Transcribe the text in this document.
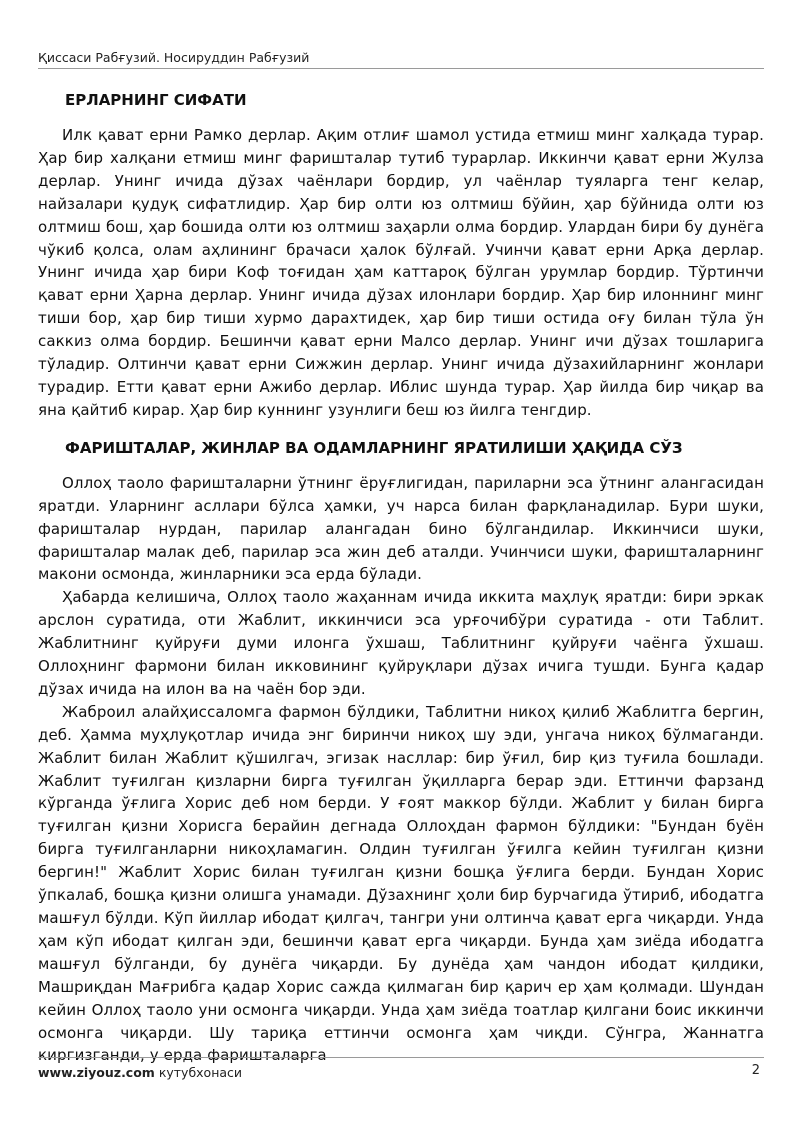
Қиссаси Рабғузий. Носируддин Рабғузий
ЕРЛАРНИНГ СИФАТИ

Илк қават ерни Рамко дерлар. Ақим отлиғ шамол устида етмиш минг халқада турар. Ҳар бир халқани етмиш минг фаришталар тутиб турарлар. Иккинчи қават ерни Жулза дерлар. Унинг ичида дўзах чаёнлари бордир, ул чаёнлар туяларга тенг келар, найзалари қудуқ сифатлидир. Ҳар бир олти юз олтмиш бўйин, ҳар бўйнида олти юз олтмиш бош, ҳар бошида олти юз олтмиш заҳарли олма бордир. Улардан бири бу дунёга чўкиб қолса, олам аҳлининг брачаси ҳалок бўлғай. Учинчи қават ерни Арқа дерлар. Унинг ичида ҳар бири Коф тоғидан ҳам каттароқ бўлган урумлар бордир. Тўртинчи қават ерни Ҳарна дерлар. Унинг ичида дўзах илонлари бордир. Ҳар бир илоннинг минг тиши бор, ҳар бир тиши хурмо дарахтидек, ҳар бир тиши остида оғу билан тўла ўн саккиз олма бордир. Бешинчи қават ерни Малсо дерлар. Унинг ичи дўзах тошларига тўладир. Олтинчи қават ерни Сижжин дерлар. Унинг ичида дўзахийларнинг жонлари турадир. Етти қават ерни Ажибо дерлар. Иблис шунда турар. Ҳар йилда бир чиқар ва яна қайтиб кирар. Ҳар бир куннинг узунлиги беш юз йилга тенгдир.

ФАРИШТАЛАР, ЖИНЛАР ВА ОДАМЛАРНИНГ ЯРАТИЛИШИ ҲАҚИДА СЎЗ

Оллоҳ таоло фаришталарни ўтнинг ёруғлигидан, париларни эса ўтнинг алангасидан яратди. Уларнинг асллари бўлса ҳамки, уч нарса билан фарқланадилар. Бури шуки, фаришталар нурдан, парилар алангадан бино бўлгандилар. Иккинчиси шуки, фаришталар малак деб, парилар эса жин деб аталди. Учинчиси шуки, фаришталарнинг макони осмонда, жинларники эса ерда бўлади.

Ҳабарда келишича, Оллоҳ таоло жаҳаннам ичида иккита маҳлуқ яратди: бири эркак арслон суратида, оти Жаблит, иккинчиси эса урғочибўри суратида - оти Таблит. Жаблитнинг қуйруғи думи илонга ўхшаш, Таблитнинг қуйруғи чаёнга ўхшаш. Оллоҳнинг фармони билан икковининг қуйруқлари дўзах ичига тушди. Бунга қадар дўзах ичида на илон ва на чаён бор эди.

Жаброил алайҳиссаломга фармон бўлдики, Таблитни никоҳ қилиб Жаблитга бергин, деб. Ҳамма муҳлуқотлар ичида энг биринчи никоҳ шу эди, унгача никоҳ бўлмаганди. Жаблит билан Жаблит қўшилгач, эгизак насллар: бир ўғил, бир қиз туғила бошлади. Жаблит туғилган қизларни бирга туғилган ўқилларга берар эди. Еттинчи фарзанд кўрганда ўғлига Хорис деб ном берди. У ғоят маккор бўлди. Жаблит у билан бирга туғилган қизни Хорисга берайин дегнада Оллоҳдан фармон бўлдики: "Бундан буён бирга туғилганларни никоҳламагин. Олдин туғилган ўғилга кейин туғилган қизни бергин!" Жаблит Хорис билан туғилган қизни бошқа ўғлига берди. Бундан Хорис ўпкалаб, бошқа қизни олишга унамади. Дўзахнинг ҳоли бир бурчагида ўтириб, ибодатга машғул бўлди. Кўп йиллар ибодат қилгач, тангри уни олтинча қават ерга чиқарди. Унда ҳам кўп ибодат қилган эди, бешинчи қават ерга чиқарди. Бунда ҳам зиёда ибодатга машғул бўлганди, бу дунёга чиқарди. Бу дунёда ҳам чандон ибодат қилдики, Машриқдан Мағрибга қадар Хорис сажда қилмаган бир қарич ер ҳам қолмади. Шундан кейин Оллоҳ таоло уни осмонга чиқарди. Унда ҳам зиёда тоатлар қилгани боис иккинчи осмонга чиқарди. Шу тариқа еттинчи осмонга ҳам чиқди. Сўнгра, Жаннатга киргизганди, у ерда фаришталарга

www.ziyouz.com кутубхонаси	2
